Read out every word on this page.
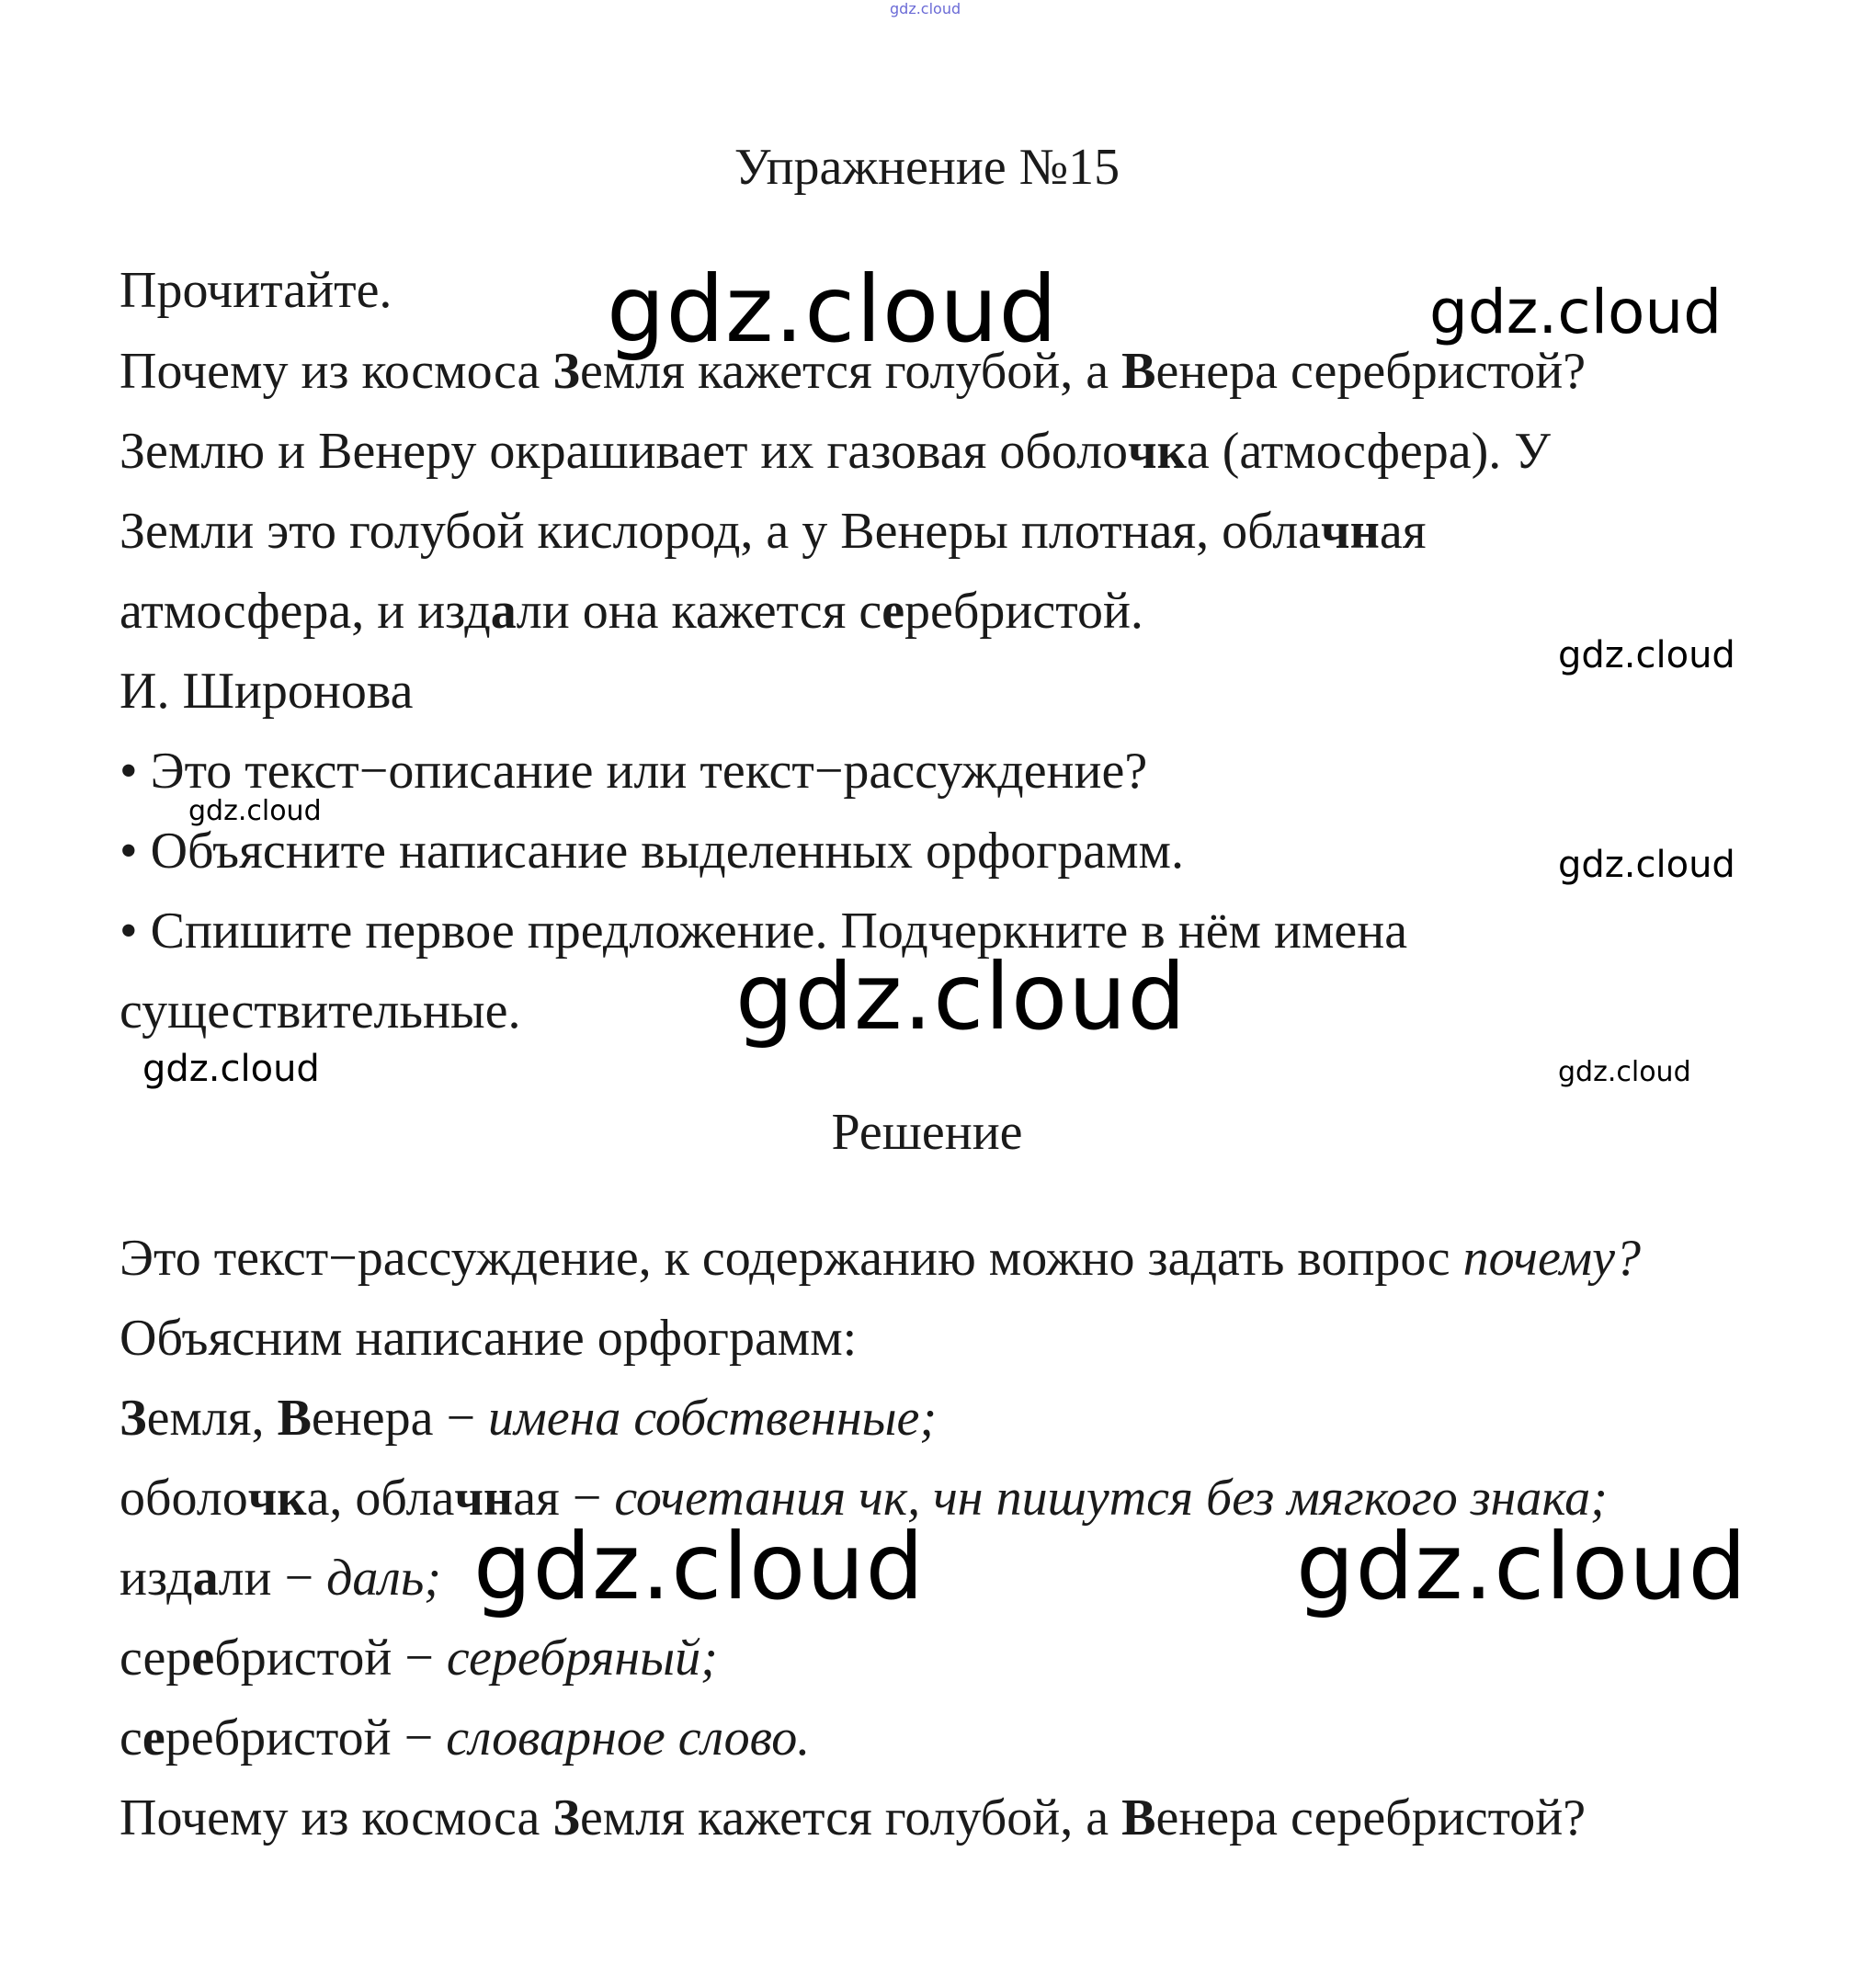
gdz.cloud
Упражнение №15
Прочитайте.
Почему из космоса Земля кажется голубой, а Венера серебристой?
Землю и Венеру окрашивает их газовая оболочка (атмосфера). У
Земли это голубой кислород, а у Венеры плотная, облачная
атмосфера, и издали она кажется серебристой.
И. Широнова
• Это текст−описание или текст−рассуждение?
• Объясните написание выделенных орфограмм.
• Спишите первое предложение. Подчеркните в нём имена
существительные.
Решение
Это текст−рассуждение, к содержанию можно задать вопрос почему?
Объясним написание орфограмм:
Земля, Венера − имена собственные;
оболочка, облачная − сочетания чк, чн пишутся без мягкого знака;
издали − даль;
серебристой − серебряный;
серебристой − словарное слово.
Почему из космоса Земля кажется голубой, а Венера серебристой?
gdz.cloud	gdz.cloud
gdz.cloud
gdz.cloud
gdz.cloud
gdz.cloud
gdz.cloud	gdz.cloud
gdz.cloud	gdz.cloud
